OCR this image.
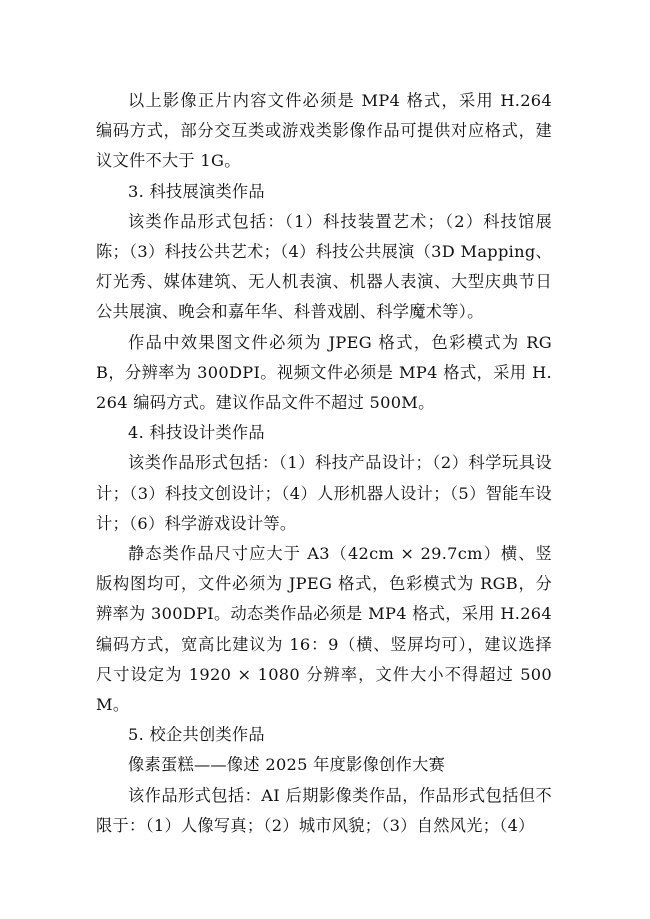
以上影像正片内容文件必须是 MP4 格式，采用 H.264 编码方式，部分交互类或游戏类影像作品可提供对应格式，建议文件不大于 1G。

3. 科技展演类作品

该类作品形式包括：（1）科技装置艺术；（2）科技馆展陈；（3）科技公共艺术；（4）科技公共展演（3D Mapping、灯光秀、媒体建筑、无人机表演、机器人表演、大型庆典节日公共展演、晚会和嘉年华、科普戏剧、科学魔术等）。

作品中效果图文件必须为 JPEG 格式，色彩模式为 RGB，分辨率为 300DPI。视频文件必须是 MP4 格式，采用 H.264 编码方式。建议作品文件不超过 500M。

4. 科技设计类作品

该类作品形式包括：（1）科技产品设计；（2）科学玩具设计；（3）科技文创设计；（4）人形机器人设计；（5）智能车设计；（6）科学游戏设计等。

静态类作品尺寸应大于 A3（42cm × 29.7cm）横、竖版构图均可，文件必须为 JPEG 格式，色彩模式为 RGB，分辨率为 300DPI。动态类作品必须是 MP4 格式，采用 H.264 编码方式，宽高比建议为 16：9（横、竖屏均可），建议选择尺寸设定为 1920 × 1080 分辨率，文件大小不得超过 500M。

5. 校企共创类作品

像素蛋糕——像述 2025 年度影像创作大赛

该作品形式包括：AI 后期影像类作品，作品形式包括但不限于：（1）人像写真；（2）城市风貌；（3）自然风光；（4）
